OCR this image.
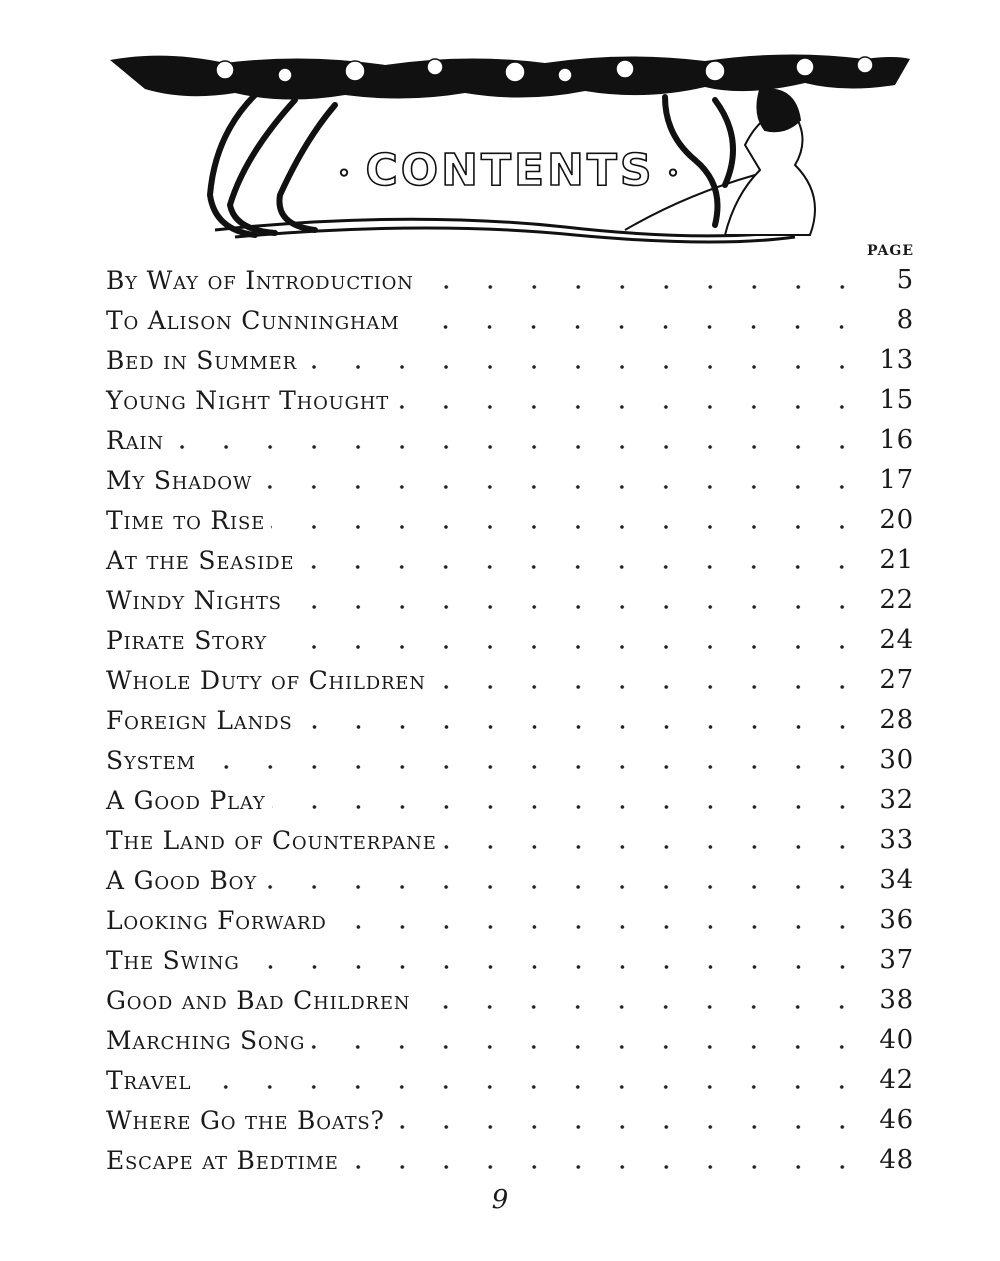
◦ CONTENTS ◦
PAGE
By Way of Introduction	5
To Alison Cunningham	8
Bed in Summer	13
Young Night Thought	15
Rain	16
My Shadow	17
Time to Rise	20
At the Seaside	21
Windy Nights	22
Pirate Story	24
Whole Duty of Children	27
Foreign Lands	28
System	30
A Good Play	32
The Land of Counterpane	33
A Good Boy	34
Looking Forward	36
The Swing	37
Good and Bad Children	38
Marching Song	40
Travel	42
Where Go the Boats?	46
Escape at Bedtime	48
9
